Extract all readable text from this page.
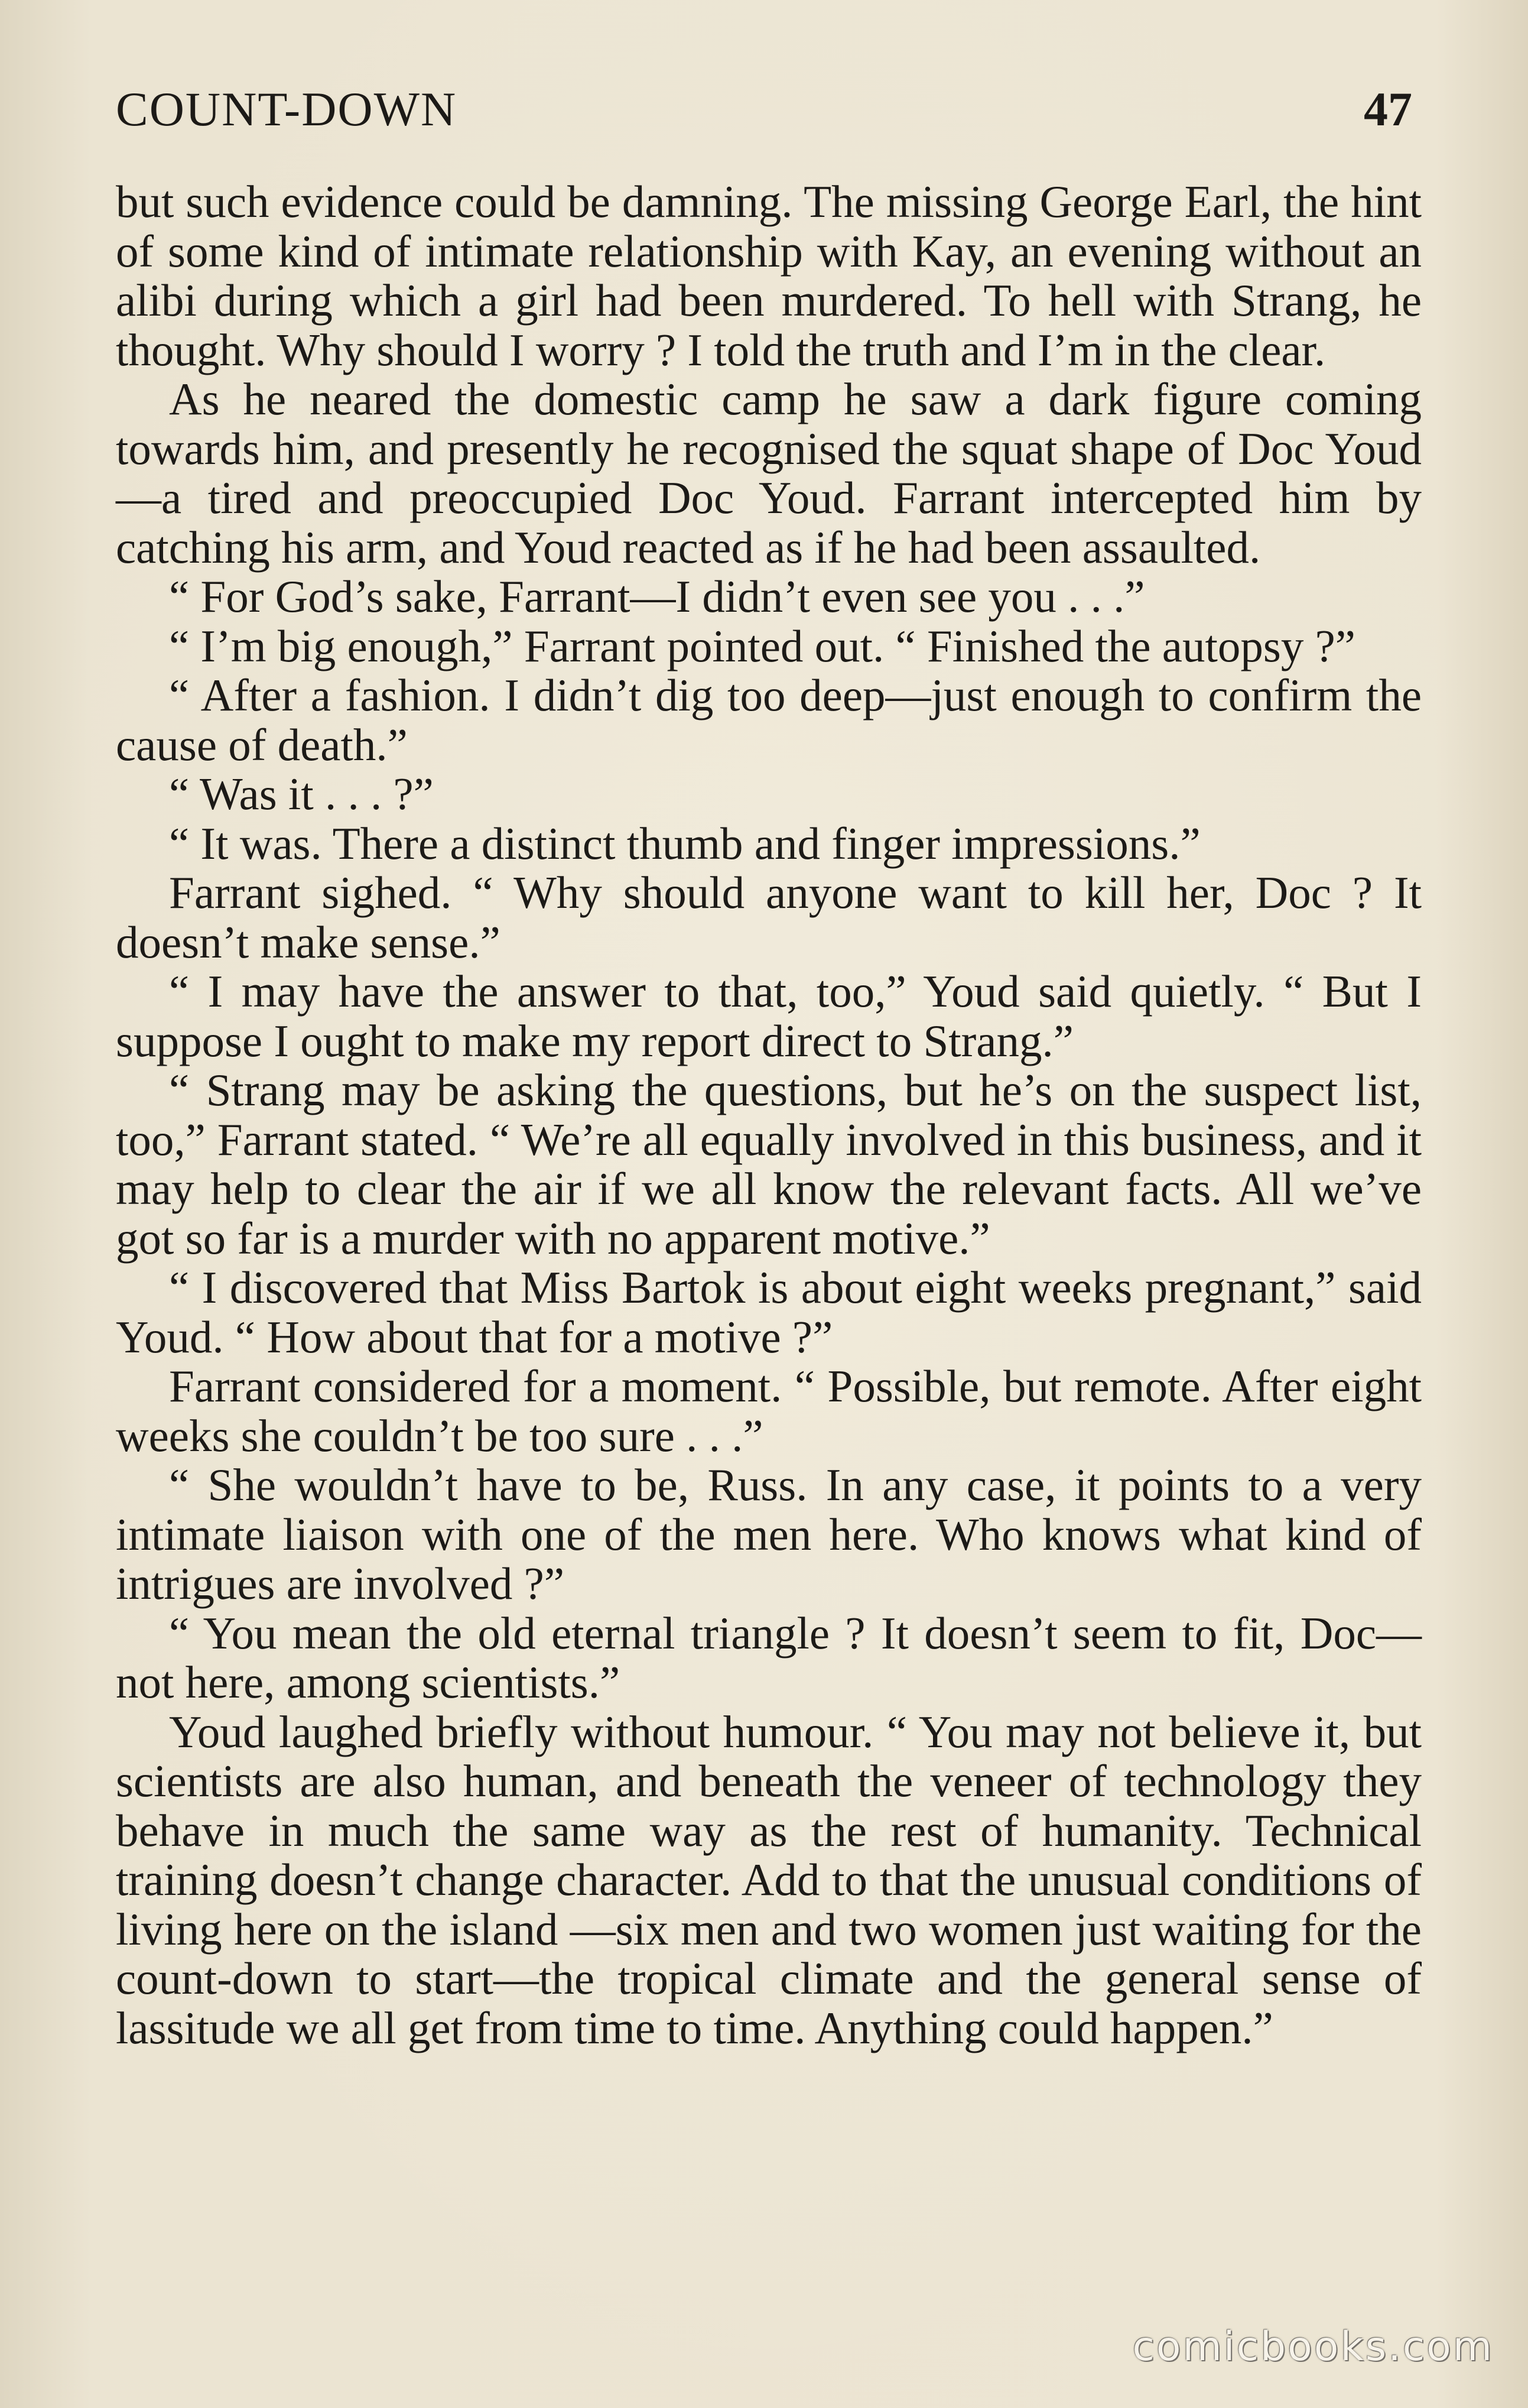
COUNT-DOWN	47

but such evidence could be damning. The missing George Earl, the hint of some kind of intimate relationship with Kay, an evening without an alibi during which a girl had been murdered. To hell with Strang, he thought. Why should I worry ? I told the truth and I’m in the clear.

As he neared the domestic camp he saw a dark figure coming towards him, and presently he recognised the squat shape of Doc Youd—a tired and preoccupied Doc Youd. Farrant intercepted him by catching his arm, and Youd reacted as if he had been assaulted.

“ For God’s sake, Farrant—I didn’t even see you . . .”

“ I’m big enough,” Farrant pointed out. “ Finished the autopsy ?”

“ After a fashion. I didn’t dig too deep—just enough to confirm the cause of death.”

“ Was it . . . ?”

“ It was. There a distinct thumb and finger impressions.”

Farrant sighed. “ Why should anyone want to kill her, Doc ? It doesn’t make sense.”

“ I may have the answer to that, too,” Youd said quietly. “ But I suppose I ought to make my report direct to Strang.”

“ Strang may be asking the questions, but he’s on the suspect list, too,” Farrant stated. “ We’re all equally involved in this business, and it may help to clear the air if we all know the relevant facts. All we’ve got so far is a murder with no apparent motive.”

“ I discovered that Miss Bartok is about eight weeks pregnant,” said Youd. “ How about that for a motive ?”

Farrant considered for a moment. “ Possible, but remote. After eight weeks she couldn’t be too sure . . .”

“ She wouldn’t have to be, Russ. In any case, it points to a very intimate liaison with one of the men here. Who knows what kind of intrigues are involved ?”

“ You mean the old eternal triangle ? It doesn’t seem to fit, Doc—not here, among scientists.”

Youd laughed briefly without humour. “ You may not believe it, but scientists are also human, and beneath the veneer of technology they behave in much the same way as the rest of humanity. Technical training doesn’t change character. Add to that the unusual conditions of living here on the island —six men and two women just waiting for the count-down to start—the tropical climate and the general sense of lassitude we all get from time to time. Anything could happen.”

comicbooks.com
